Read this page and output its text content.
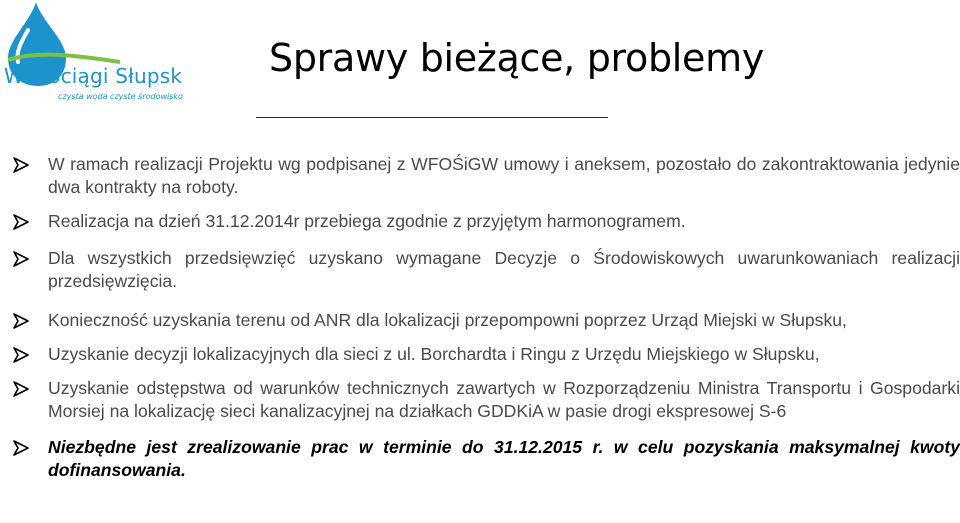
Wodociągi Słupsk
czysta woda czyste środowisko
Sprawy bieżące, problemy
W ramach realizacji Projektu wg podpisanej z WFOŚiGW umowy i aneksem, pozostało do zakontraktowania jedynie dwa kontrakty na roboty.
Realizacja na dzień 31.12.2014r przebiega zgodnie z przyjętym harmonogramem.
Dla wszystkich przedsięwzięć uzyskano wymagane Decyzje o Środowiskowych uwarunkowaniach realizacji przedsięwzięcia.
Konieczność uzyskania terenu od ANR dla lokalizacji przepompowni poprzez Urząd Miejski w Słupsku,
Uzyskanie decyzji lokalizacyjnych dla sieci z ul. Borchardta i Ringu z Urzędu Miejskiego w Słupsku,
Uzyskanie odstępstwa od warunków technicznych zawartych w Rozporządzeniu Ministra Transportu i Gospodarki Morsiej na lokalizację sieci kanalizacyjnej na działkach GDDKiA w pasie drogi ekspresowej S-6
Niezbędne jest zrealizowanie prac w terminie do 31.12.2015 r. w celu pozyskania maksymalnej kwoty dofinansowania.
